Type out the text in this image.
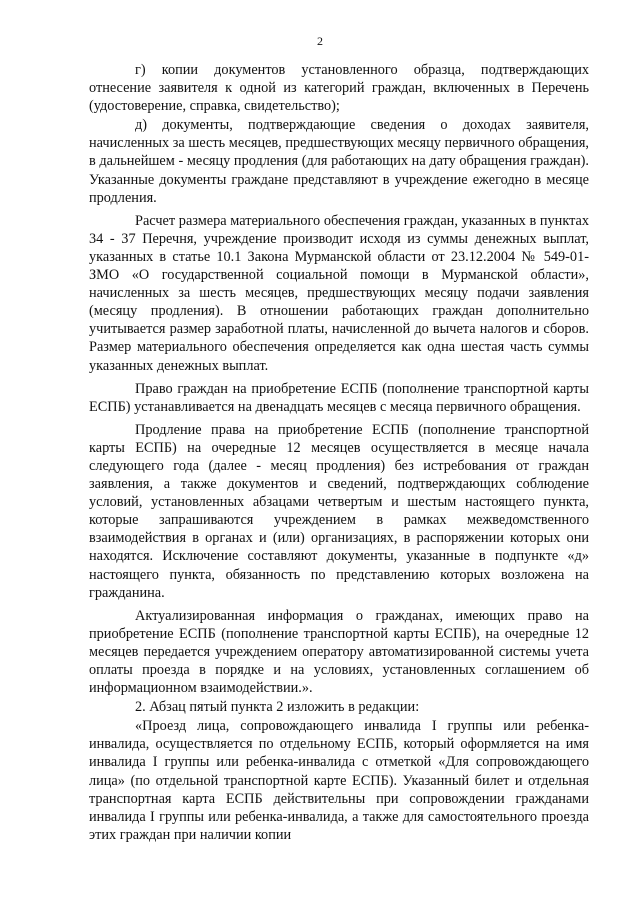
2

г) копии документов установленного образца, подтверждающих отнесение заявителя к одной из категорий граждан, включенных в Перечень (удостоверение, справка, свидетельство);

д) документы, подтверждающие сведения о доходах заявителя, начисленных за шесть месяцев, предшествующих месяцу первичного обращения, в дальнейшем - месяцу продления (для работающих на дату обращения граждан). Указанные документы граждане представляют в учреждение ежегодно в месяце продления.

Расчет размера материального обеспечения граждан, указанных в пунктах 34 - 37 Перечня, учреждение производит исходя из суммы денежных выплат, указанных в статье 10.1 Закона Мурманской области от 23.12.2004 № 549-01-ЗМО «О государственной социальной помощи в Мурманской области», начисленных за шесть месяцев, предшествующих месяцу подачи заявления (месяцу продления). В отношении работающих граждан дополнительно учитывается размер заработной платы, начисленной до вычета налогов и сборов. Размер материального обеспечения определяется как одна шестая часть суммы указанных денежных выплат.

Право граждан на приобретение ЕСПБ (пополнение транспортной карты ЕСПБ) устанавливается на двенадцать месяцев с месяца первичного обращения.

Продление права на приобретение ЕСПБ (пополнение транспортной карты ЕСПБ) на очередные 12 месяцев осуществляется в месяце начала следующего года (далее - месяц продления) без истребования от граждан заявления, а также документов и сведений, подтверждающих соблюдение условий, установленных абзацами четвертым и шестым настоящего пункта, которые запрашиваются учреждением в рамках межведомственного взаимодействия в органах и (или) организациях, в распоряжении которых они находятся. Исключение составляют документы, указанные в подпункте «д» настоящего пункта, обязанность по представлению которых возложена на гражданина.

Актуализированная информация о гражданах, имеющих право на приобретение ЕСПБ (пополнение транспортной карты ЕСПБ), на очередные 12 месяцев передается учреждением оператору автоматизированной системы учета оплаты проезда в порядке и на условиях, установленных соглашением об информационном взаимодействии.».

2. Абзац пятый пункта 2 изложить в редакции:

«Проезд лица, сопровождающего инвалида I группы или ребенка-инвалида, осуществляется по отдельному ЕСПБ, который оформляется на имя инвалида I группы или ребенка-инвалида с отметкой «Для сопровождающего лица» (по отдельной транспортной карте ЕСПБ). Указанный билет и отдельная транспортная карта ЕСПБ действительны при сопровождении гражданами инвалида I группы или ребенка-инвалида, а также для самостоятельного проезда этих граждан при наличии копии
